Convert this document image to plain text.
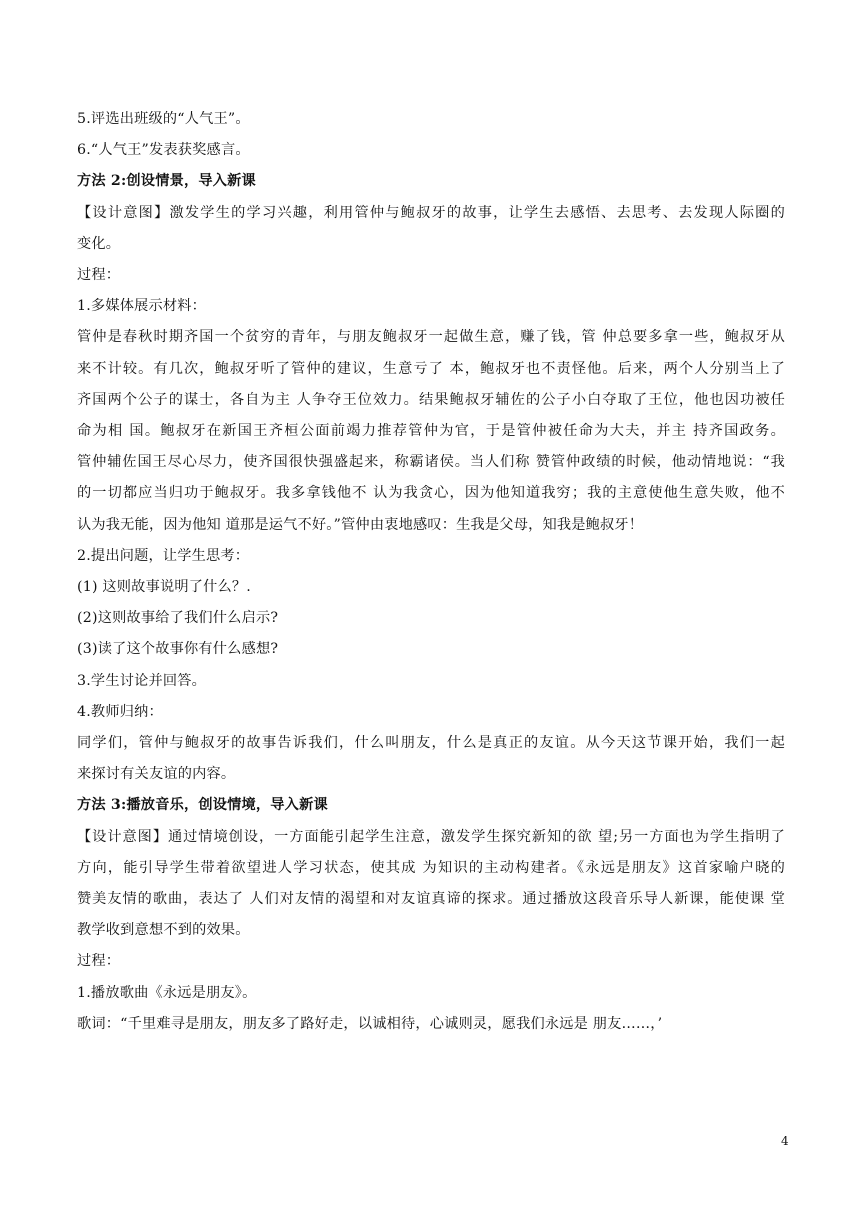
5.评选出班级的“人气王”。

6.“人气王”发表获奖感言。

方法 2:创设情景，导入新课

【设计意图】激发学生的学习兴趣，利用管仲与鲍叔牙的故事，让学生去感悟、去思考、去发现人际圈的

变化。

过程：

1.多媒体展示材料：

管仲是春秋时期齐国一个贫穷的青年，与朋友鲍叔牙一起做生意，赚了钱，管 仲总要多拿一些，鲍叔牙从

来不计较。有几次，鲍叔牙听了管仲的建议，生意亏了 本，鲍叔牙也不责怪他。后来，两个人分别当上了

齐国两个公子的谋士，各自为主 人争夺王位效力。结果鲍叔牙辅佐的公子小白夺取了王位，他也因功被任

命为相 国。鲍叔牙在新国王齐桓公面前竭力推荐管仲为官，于是管仲被任命为大夫，并主 持齐国政务。

管仲辅佐国王尽心尽力，使齐国很快强盛起来，称霸诸侯。当人们称 赞管仲政绩的时候，他动情地说：“我

的一切都应当归功于鲍叔牙。我多拿钱他不 认为我贪心，因为他知道我穷；我的主意使他生意失败，他不

认为我无能，因为他知 道那是运气不好。”管仲由衷地感叹：生我是父母，知我是鲍叔牙！

2.提出问题，让学生思考：

(1) 这则故事说明了什么？.

(2)这则故事给了我们什么启示?

(3)读了这个故事你有什么感想?

3.学生讨论并回答。

4.教师归纳：

同学们，管仲与鲍叔牙的故事告诉我们，什么叫朋友，什么是真正的友谊。从今天这节课开始，我们一起

来探讨有关友谊的内容。

方法 3:播放音乐，创设情境，导入新课

【设计意图】通过情境创设，一方面能引起学生注意，激发学生探究新知的欲 望;另一方面也为学生指明了

方向，能引导学生带着欲望进人学习状态，使其成 为知识的主动构建者。《永远是朋友》这首家喻户晓的

赞美友情的歌曲，表达了 人们对友情的渴望和对友谊真谛的探求。通过播放这段音乐导人新课，能使课 堂

教学收到意想不到的效果。

过程：

1.播放歌曲《永远是朋友》。

歌词：“千里难寻是朋友，朋友多了路好走，以诚相待，心诚则灵，愿我们永远是 朋友……，’

4
